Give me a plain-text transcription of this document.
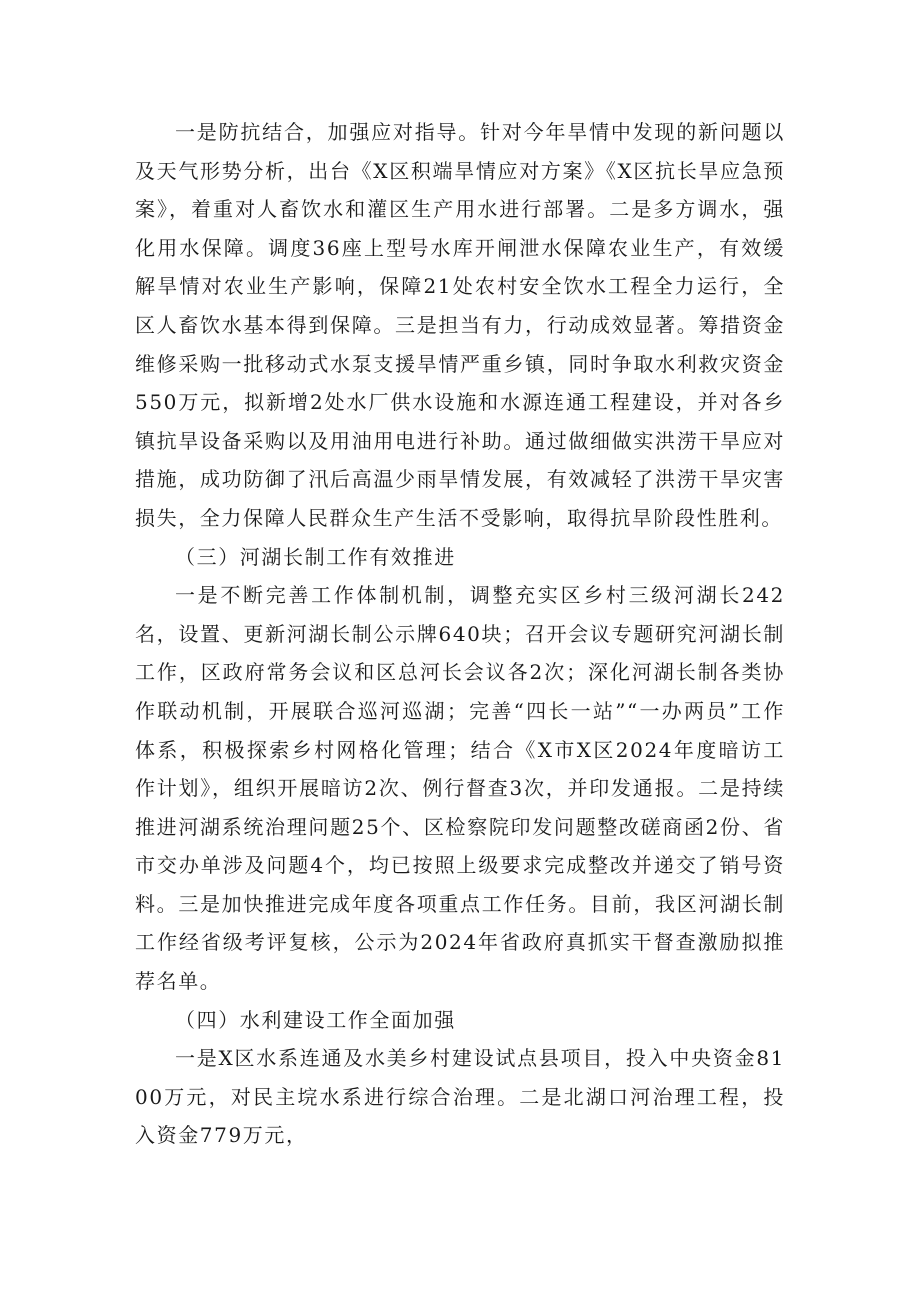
一是防抗结合，加强应对指导。针对今年旱情中发现的新问题以及天气形势分析，出台《X区积端旱情应对方案》《X区抗长旱应急预案》，着重对人畜饮水和灌区生产用水进行部署。二是多方调水，强化用水保障。调度36座上型号水库开闸泄水保障农业生产，有效缓解旱情对农业生产影响，保障21处农村安全饮水工程全力运行，全区人畜饮水基本得到保障。三是担当有力，行动成效显著。筹措资金维修采购一批移动式水泵支援旱情严重乡镇，同时争取水利救灾资金550万元，拟新增2处水厂供水设施和水源连通工程建设，并对各乡镇抗旱设备采购以及用油用电进行补助。通过做细做实洪涝干旱应对措施，成功防御了汛后高温少雨旱情发展，有效减轻了洪涝干旱灾害损失，全力保障人民群众生产生活不受影响，取得抗旱阶段性胜利。

（三）河湖长制工作有效推进

一是不断完善工作体制机制，调整充实区乡村三级河湖长242名，设置、更新河湖长制公示牌640块；召开会议专题研究河湖长制工作，区政府常务会议和区总河长会议各2次；深化河湖长制各类协作联动机制，开展联合巡河巡湖；完善“四长一站”“一办两员”工作体系，积极探索乡村网格化管理；结合《X市X区2024年度暗访工作计划》，组织开展暗访2次、例行督查3次，并印发通报。二是持续推进河湖系统治理问题25个、区检察院印发问题整改磋商函2份、省市交办单涉及问题4个，均已按照上级要求完成整改并递交了销号资料。三是加快推进完成年度各项重点工作任务。目前，我区河湖长制工作经省级考评复核，公示为2024年省政府真抓实干督查激励拟推荐名单。

（四）水利建设工作全面加强

一是X区水系连通及水美乡村建设试点县项目，投入中央资金8100万元，对民主垸水系进行综合治理。二是北湖口河治理工程，投入资金779万元，
